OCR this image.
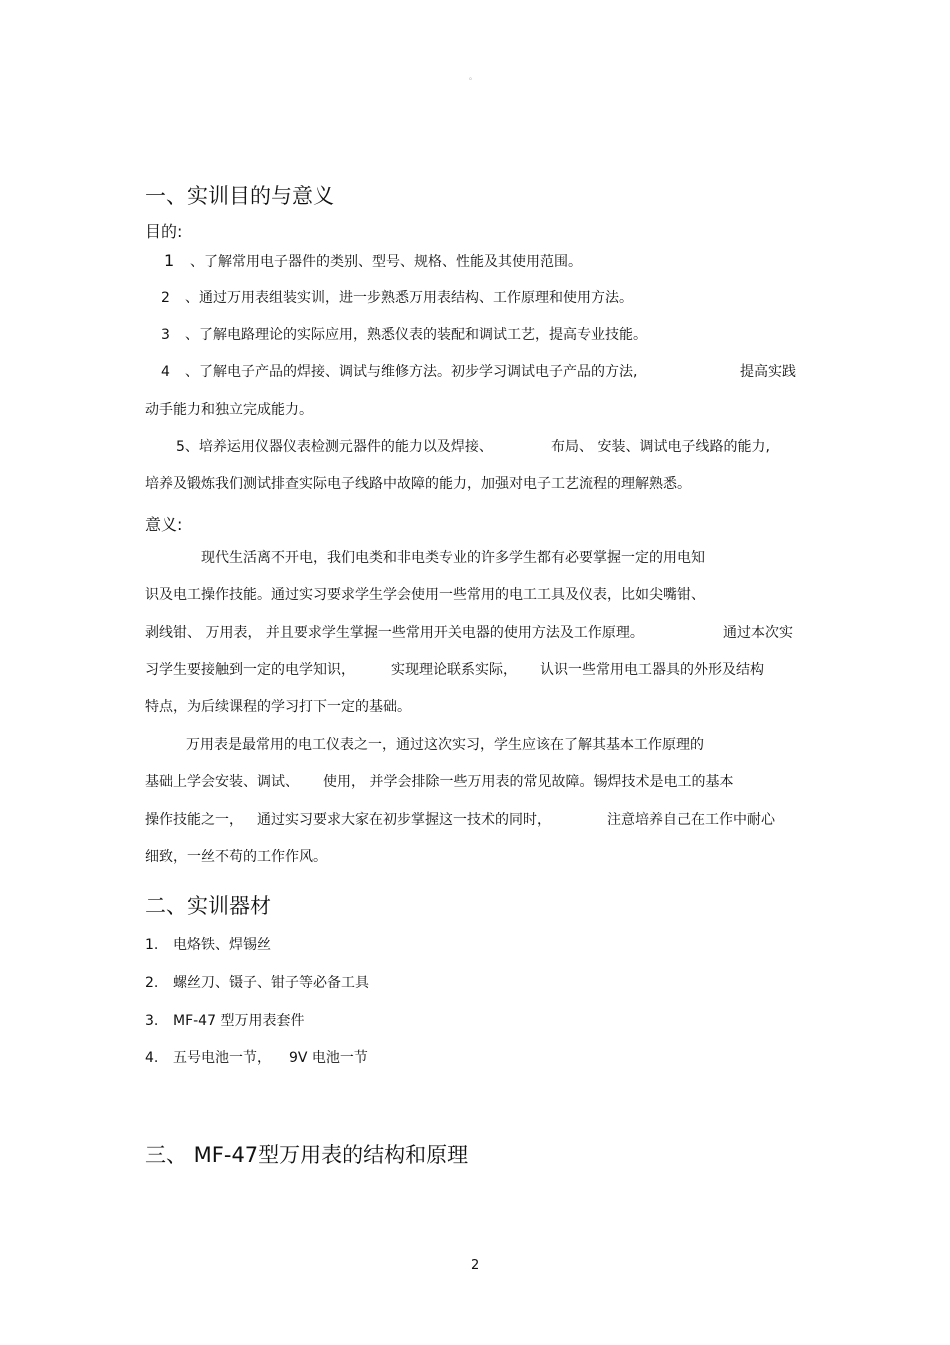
。
一、实训目的与意义
目的:
1 、了解常用电子器件的类别、型号、规格、性能及其使用范围。
2 、通过万用表组装实训，进一步熟悉万用表结构、工作原理和使用方法。
3 、了解电路理论的实际应用，熟悉仪表的装配和调试工艺，提高专业技能。
4 、了解电子产品的焊接、调试与维修方法。初步学习调试电子产品的方法,	提高实践
动手能力和独立完成能力。
5、培养运用仪器仪表检测元器件的能力以及焊接、	布局、 安装、调试电子线路的能力,
培养及锻炼我们测试排查实际电子线路中故障的能力，加强对电子工艺流程的理解熟悉。
意义:
现代生活离不开电，我们电类和非电类专业的许多学生都有必要掌握一定的用电知
识及电工操作技能。通过实习要求学生学会使用一些常用的电工工具及仪表，比如尖嘴钳、
剥线钳、 万用表， 并且要求学生掌握一些常用开关电器的使用方法及工作原理。	通过本次实
习学生要接触到一定的电学知识，	实现理论联系实际， 认识一些常用电工器具的外形及结构
特点，为后续课程的学习打下一定的基础。
万用表是最常用的电工仪表之一，通过这次实习，学生应该在了解其基本工作原理的
基础上学会安装、调试、 使用， 并学会排除一些万用表的常见故障。锡焊技术是电工的基本
操作技能之一， 通过实习要求大家在初步掌握这一技术的同时，	注意培养自己在工作中耐心
细致，一丝不苟的工作作风。
二、实训器材
1. 电烙铁、焊锡丝
2. 螺丝刀、镊子、钳子等必备工具
3. MF-47 型万用表套件
4. 五号电池一节， 9V 电池一节
三、 MF-47型万用表的结构和原理
2
